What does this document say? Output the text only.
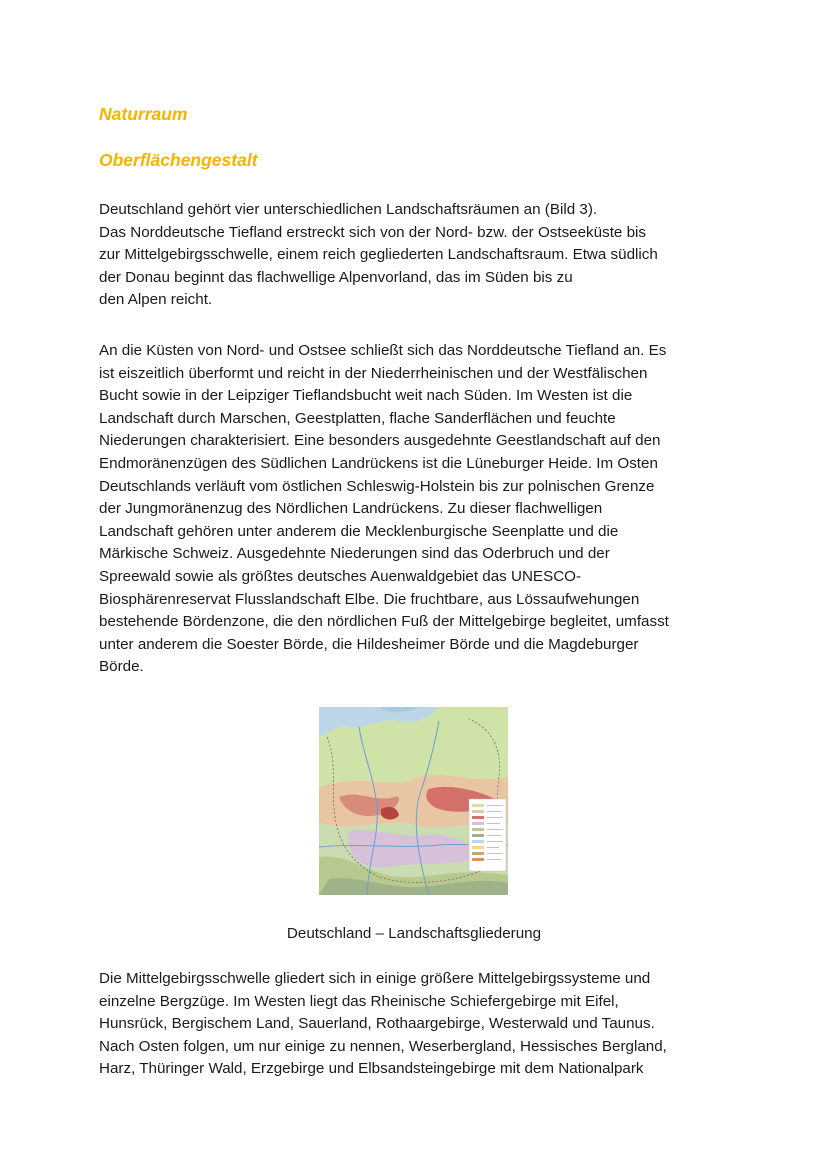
Naturraum
Oberflächengestalt

Deutschland gehört vier unterschiedlichen Landschaftsräumen an (Bild 3).
Das Norddeutsche Tiefland erstreckt sich von der Nord- bzw. der Ostseeküste bis
zur Mittelgebirgsschwelle, einem reich gegliederten Landschaftsraum. Etwa südlich
der Donau beginnt das flachwellige Alpenvorland, das im Süden bis zu
den Alpen reicht.

An die Küsten von Nord- und Ostsee schließt sich das Norddeutsche Tiefland an. Es
ist eiszeitlich überformt und reicht in der Niederrheinischen und der Westfälischen
Bucht sowie in der Leipziger Tieflandsbucht weit nach Süden. Im Westen ist die
Landschaft durch Marschen, Geestplatten, flache Sanderflächen und feuchte
Niederungen charakterisiert. Eine besonders ausgedehnte Geestlandschaft auf den
Endmoränenzügen des Südlichen Landrückens ist die Lüneburger Heide. Im Osten
Deutschlands verläuft vom östlichen Schleswig-Holstein bis zur polnischen Grenze
der Jungmoränenzug des Nördlichen Landrückens. Zu dieser flachwelligen
Landschaft gehören unter anderem die Mecklenburgische Seenplatte und die
Märkische Schweiz. Ausgedehnte Niederungen sind das Oderbruch und der
Spreewald sowie als größtes deutsches Auenwaldgebiet das UNESCO-
Biosphärenreservat Flusslandschaft Elbe. Die fruchtbare, aus Lössaufwehungen
bestehende Bördenzone, die den nördlichen Fuß der Mittelgebirge begleitet, umfasst
unter anderem die Soester Börde, die Hildesheimer Börde und die Magdeburger
Börde.

Deutschland – Landschaftsgliederung

Die Mittelgebirgsschwelle gliedert sich in einige größere Mittelgebirgssysteme und
einzelne Bergzüge. Im Westen liegt das Rheinische Schiefergebirge mit Eifel,
Hunsrück, Bergischem Land, Sauerland, Rothaargebirge, Westerwald und Taunus.
Nach Osten folgen, um nur einige zu nennen, Weserbergland, Hessisches Bergland,
Harz, Thüringer Wald, Erzgebirge und Elbsandsteingebirge mit dem Nationalpark
